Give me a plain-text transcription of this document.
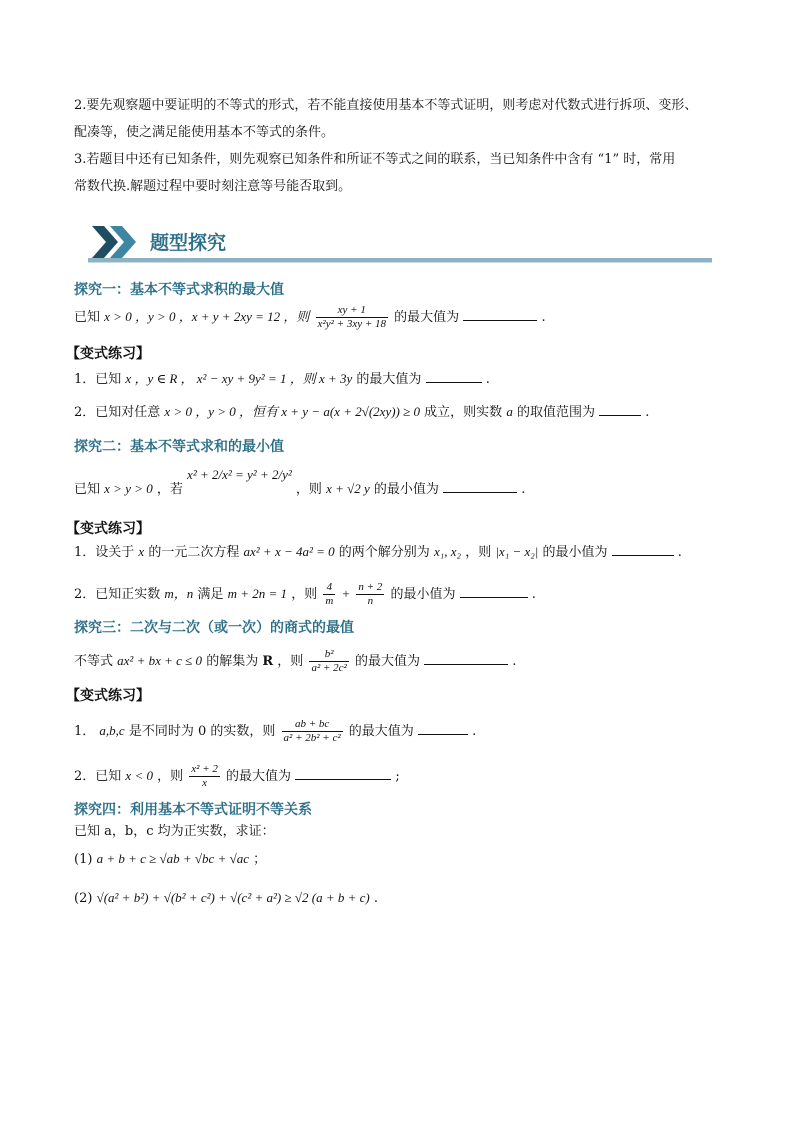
2.要先观察题中要证明的不等式的形式，若不能直接使用基本不等式证明，则考虑对代数式进行拆项、变形、
配凑等，使之满足能使用基本不等式的条件。
3.若题目中还有已知条件，则先观察已知条件和所证不等式之间的联系，当已知条件中含有 “1” 时，常用
常数代换.解题过程中要时刻注意等号能否取到。
题型探究
探究一：基本不等式求积的最大值
已知 x > 0 ，y > 0 ，x + y + 2xy = 12 ，则 $\frac{xy + 1}{\text{x²y² + 3xy + 18}}$ 的最大值为	.
【变式练习】
1．已知 x ，y ∈ R ， x² − xy + 9y² = 1 ，则 x + 3y 的最大值为	.
2．已知对任意 x > 0 ，y > 0 ，恒有 x + y − a(x + 2√(2xy)) ≥ 0 成立，则实数 a 的取值范围为	.
探究二：基本不等式求和的最小值
已知 x > y > 0 ，若 x² + 2/x² = y² + 2/y² ，则 x + √2 y 的最小值为	.
【变式练习】
1．设关于 x 的一元二次方程 ax² + x − 4a² = 0 的两个解分别为 x₁, x₂ ，则 |x₁ − x₂| 的最小值为	.
2．已知正实数 m，n 满足 m + 2n = 1 ，则 $\frac{4}{m} + \frac{n + 2}{n}$ 的最小值为	.
探究三：二次与二次（或一次）的商式的最值
不等式 ax² + bx + c ≤ 0 的解集为 R ，则 $\frac{\text{b²}}{\text{a² + 2c²}}$ 的最大值为	.
【变式练习】
1． a,b,c 是不同时为 0 的实数，则 $\frac{ab + bc}{\text{a² + 2b² + c²}}$ 的最大值为	.
2．已知 x < 0 ，则 $\frac{\text{x² + 2}}{x}$ 的最大值为	;
探究四：利用基本不等式证明不等关系
已知 a，b，c 均为正实数，求证：
(1) a + b + c ≥ √ab + √bc + √ac ；
(2) √(a² + b²) + √(b² + c²) + √(c² + a²) ≥ √2 (a + b + c) .
